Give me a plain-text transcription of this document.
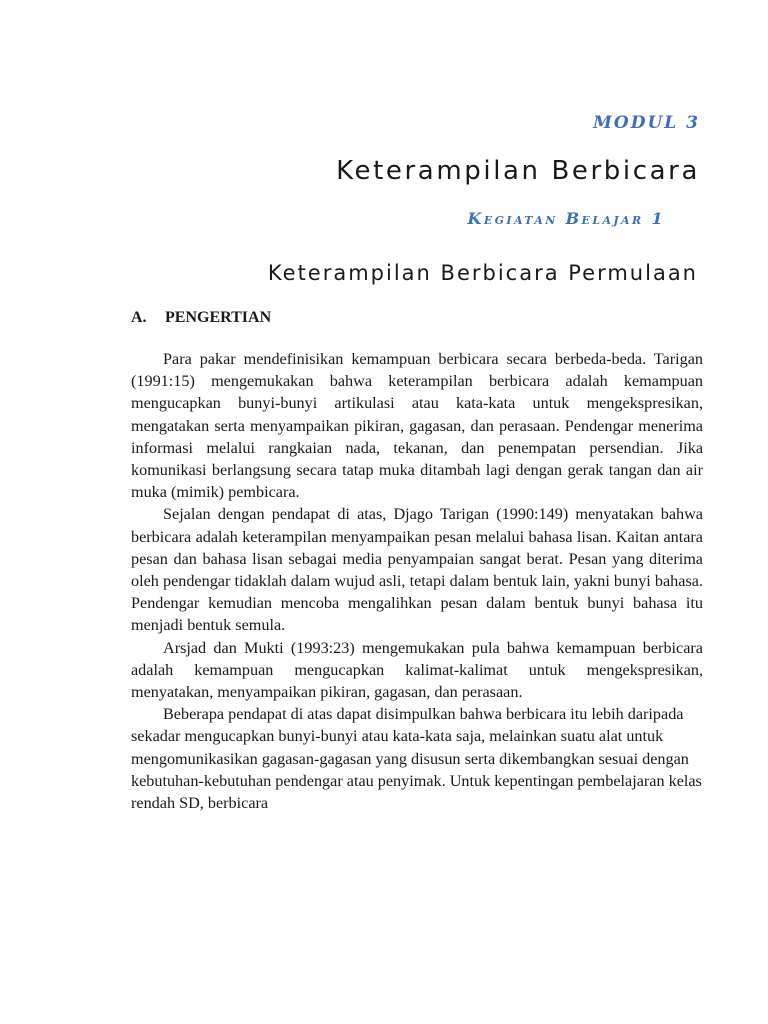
MODUL 3
Keterampilan Berbicara
Kegiatan Belajar 1
Keterampilan Berbicara Permulaan
A. PENGERTIAN

Para pakar mendefinisikan kemampuan berbicara secara berbeda-beda. Tarigan (1991:15) mengemukakan bahwa keterampilan berbicara adalah kemampuan mengucapkan bunyi-bunyi artikulasi atau kata-kata untuk mengekspresikan, mengatakan serta menyampaikan pikiran, gagasan, dan perasaan. Pendengar menerima informasi melalui rangkaian nada, tekanan, dan penempatan persendian. Jika komunikasi berlangsung secara tatap muka ditambah lagi dengan gerak tangan dan air muka (mimik) pembicara.

Sejalan dengan pendapat di atas, Djago Tarigan (1990:149) menyatakan bahwa berbicara adalah keterampilan menyampaikan pesan melalui bahasa lisan. Kaitan antara pesan dan bahasa lisan sebagai media penyampaian sangat berat. Pesan yang diterima oleh pendengar tidaklah dalam wujud asli, tetapi dalam bentuk lain, yakni bunyi bahasa. Pendengar kemudian mencoba mengalihkan pesan dalam bentuk bunyi bahasa itu menjadi bentuk semula.

Arsjad dan Mukti (1993:23) mengemukakan pula bahwa kemampuan berbicara adalah kemampuan mengucapkan kalimat-kalimat untuk mengekspresikan, menyatakan, menyampaikan pikiran, gagasan, dan perasaan.

Beberapa pendapat di atas dapat disimpulkan bahwa berbicara itu lebih daripada sekadar mengucapkan bunyi-bunyi atau kata-kata saja, melainkan suatu alat untuk mengomunikasikan gagasan-gagasan yang disusun serta dikembangkan sesuai dengan kebutuhan-kebutuhan pendengar atau penyimak. Untuk kepentingan pembelajaran kelas rendah SD, berbicara
